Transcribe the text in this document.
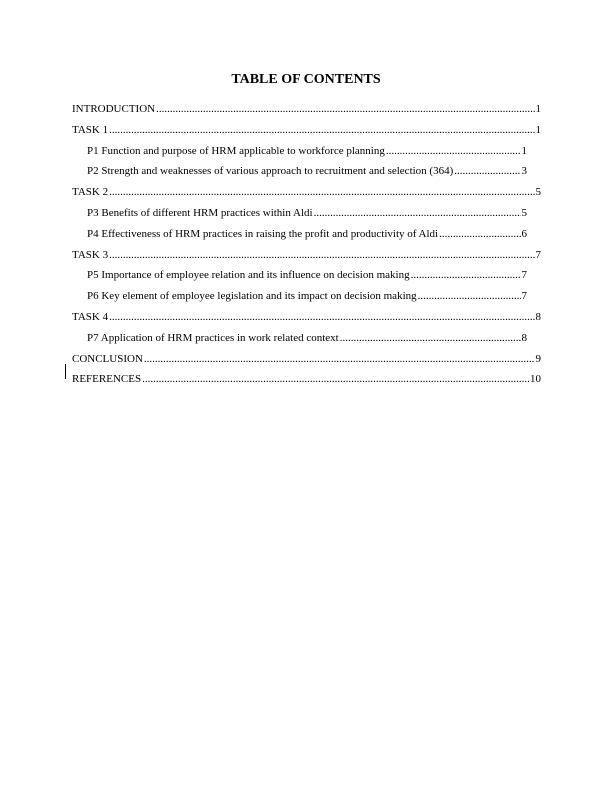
TABLE OF CONTENTS
INTRODUCTION .....	1
TASK 1 .....	1
P1 Function and purpose of HRM applicable to workforce planning .....	1
P2 Strength and weaknesses of various approach to recruitment and selection (364) .....	3
TASK 2 .....	5
P3 Benefits of different HRM practices within Aldi .....	5
P4 Effectiveness of HRM practices in raising the profit and productivity of Aldi .....	6
TASK 3 .....	7
P5 Importance of employee relation and its influence on decision making .....	7
P6 Key element of employee legislation and its impact on decision making .....	7
TASK 4 .....	8
P7 Application of HRM practices in work related context .....	8
CONCLUSION .....	9
REFERENCES .....	10
